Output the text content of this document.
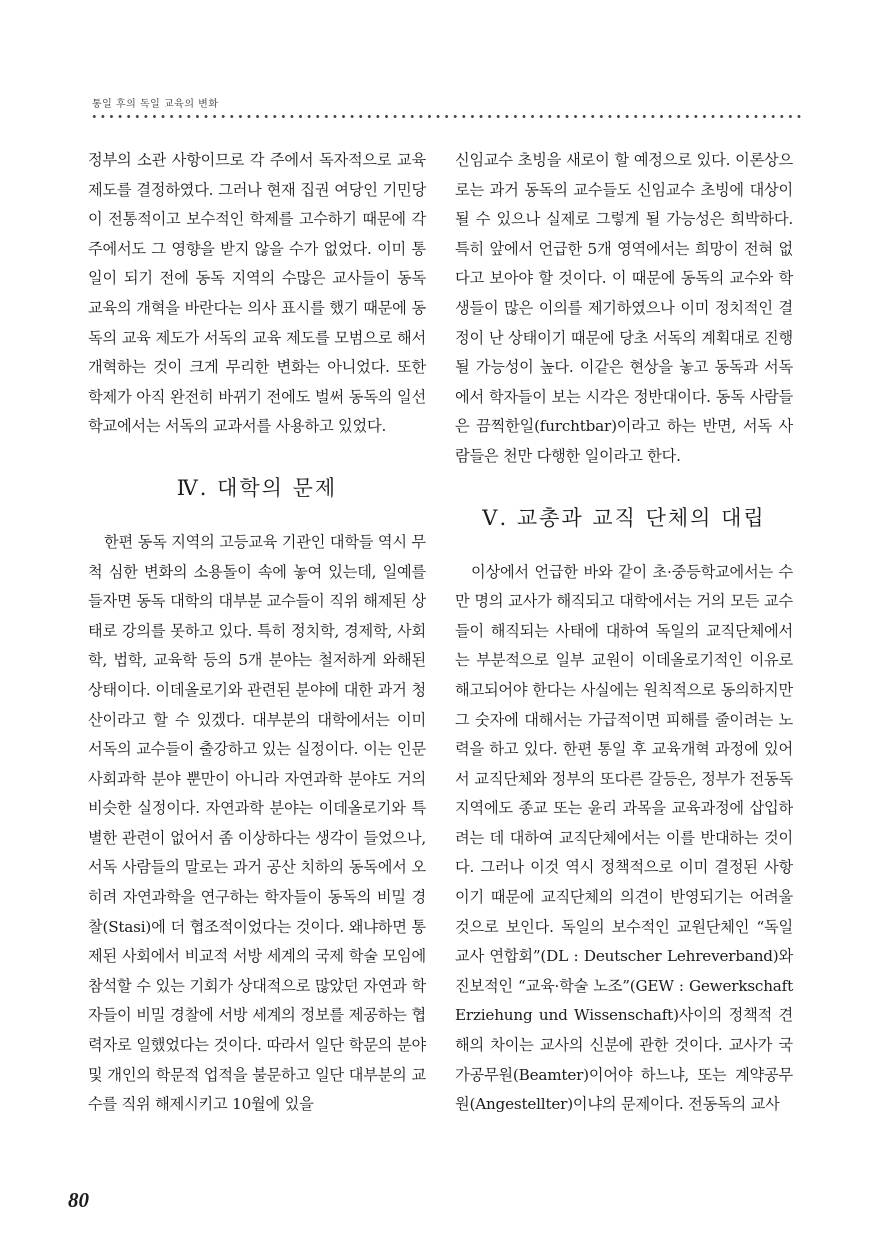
통일 후의 독일 교육의 변화

정부의 소관 사항이므로 각 주에서 독자적으로 교육제도를 결정하였다. 그러나 현재 집권 여당인 기민당이 전통적이고 보수적인 학제를 고수하기 때문에 각 주에서도 그 영향을 받지 않을 수가 없었다. 이미 통일이 되기 전에 동독 지역의 수많은 교사들이 동독 교육의 개혁을 바란다는 의사 표시를 했기 때문에 동독의 교육 제도가 서독의 교육 제도를 모범으로 해서 개혁하는 것이 크게 무리한 변화는 아니었다. 또한 학제가 아직 완전히 바뀌기 전에도 벌써 동독의 일선 학교에서는 서독의 교과서를 사용하고 있었다.

Ⅳ. 대학의 문제

한편 동독 지역의 고등교육 기관인 대학들 역시 무척 심한 변화의 소용돌이 속에 놓여 있는데, 일예를 들자면 동독 대학의 대부분 교수들이 직위 해제된 상태로 강의를 못하고 있다. 특히 정치학, 경제학, 사회학, 법학, 교육학 등의 5개 분야는 철저하게 와해된 상태이다. 이데올로기와 관련된 분야에 대한 과거 청산이라고 할 수 있겠다. 대부분의 대학에서는 이미 서독의 교수들이 출강하고 있는 실정이다. 이는 인문 사회과학 분야 뿐만이 아니라 자연과학 분야도 거의 비슷한 실정이다. 자연과학 분야는 이데올로기와 특별한 관련이 없어서 좀 이상하다는 생각이 들었으나, 서독 사람들의 말로는 과거 공산 치하의 동독에서 오히려 자연과학을 연구하는 학자들이 동독의 비밀 경찰(Stasi)에 더 협조적이었다는 것이다. 왜냐하면 통제된 사회에서 비교적 서방 세계의 국제 학술 모임에 참석할 수 있는 기회가 상대적으로 많았던 자연과 학자들이 비밀 경찰에 서방 세계의 정보를 제공하는 협력자로 일했었다는 것이다. 따라서 일단 학문의 분야 및 개인의 학문적 업적을 불문하고 일단 대부분의 교수를 직위 해제시키고 10월에 있을

신임교수 초빙을 새로이 할 예정으로 있다. 이론상으로는 과거 동독의 교수들도 신임교수 초빙에 대상이 될 수 있으나 실제로 그렇게 될 가능성은 희박하다. 특히 앞에서 언급한 5개 영역에서는 희망이 전혀 없다고 보아야 할 것이다. 이 때문에 동독의 교수와 학생들이 많은 이의를 제기하였으나 이미 정치적인 결정이 난 상태이기 때문에 당초 서독의 계획대로 진행될 가능성이 높다. 이같은 현상을 놓고 동독과 서독에서 학자들이 보는 시각은 정반대이다. 동독 사람들은 끔찍한일(furchtbar)이라고 하는 반면, 서독 사람들은 천만 다행한 일이라고 한다.

Ⅴ. 교총과 교직 단체의 대립

이상에서 언급한 바와 같이 초·중등학교에서는 수만 명의 교사가 해직되고 대학에서는 거의 모든 교수들이 해직되는 사태에 대하여 독일의 교직단체에서는 부분적으로 일부 교원이 이데올로기적인 이유로 해고되어야 한다는 사실에는 원칙적으로 동의하지만 그 숫자에 대해서는 가급적이면 피해를 줄이려는 노력을 하고 있다. 한편 통일 후 교육개혁 과정에 있어서 교직단체와 정부의 또다른 갈등은, 정부가 전동독 지역에도 종교 또는 윤리 과목을 교육과정에 삽입하려는 데 대하여 교직단체에서는 이를 반대하는 것이다. 그러나 이것 역시 정책적으로 이미 결정된 사항이기 때문에 교직단체의 의견이 반영되기는 어려울 것으로 보인다. 독일의 보수적인 교원단체인 “독일 교사 연합회”(DL : Deutscher Lehreverband)와 진보적인 “교육·학술 노조”(GEW : Gewerkschaft Erziehung und Wissenschaft)사이의 정책적 견해의 차이는 교사의 신분에 관한 것이다. 교사가 국가공무원(Beamter)이어야 하느냐, 또는 계약공무원(Angestellter)이냐의 문제이다. 전동독의 교사

80
